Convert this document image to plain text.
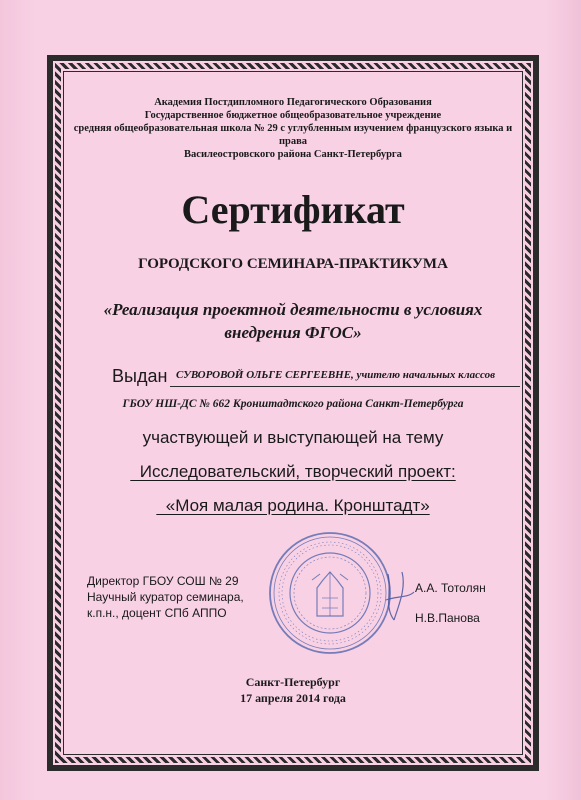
Академия Постдипломного Педагогического Образования
Государственное бюджетное общеобразовательное учреждение
средняя общеобразовательная школа № 29 с углубленным изучением французского языка и права
Василеостровского района Санкт-Петербурга
Сертификат
ГОРОДСКОГО СЕМИНАРА-ПРАКТИКУМА
«Реализация проектной деятельности в условиях
внедрения ФГОС»
Выдан СУВОРОВОЙ ОЛЬГЕ СЕРГЕЕВНЕ, учителю начальных классов
ГБОУ НШ-ДС № 662 Кронштадтского района Санкт-Петербурга
участвующей и выступающей на тему
Исследовательский, творческий проект:
«Моя малая родина. Кронштадт»
Директор ГБОУ СОШ № 29
Научный куратор семинара,
к.п.н., доцент СПб АППО
А.А. Тотолян
Н.В.Панова
Санкт-Петербург
17 апреля 2014 года
